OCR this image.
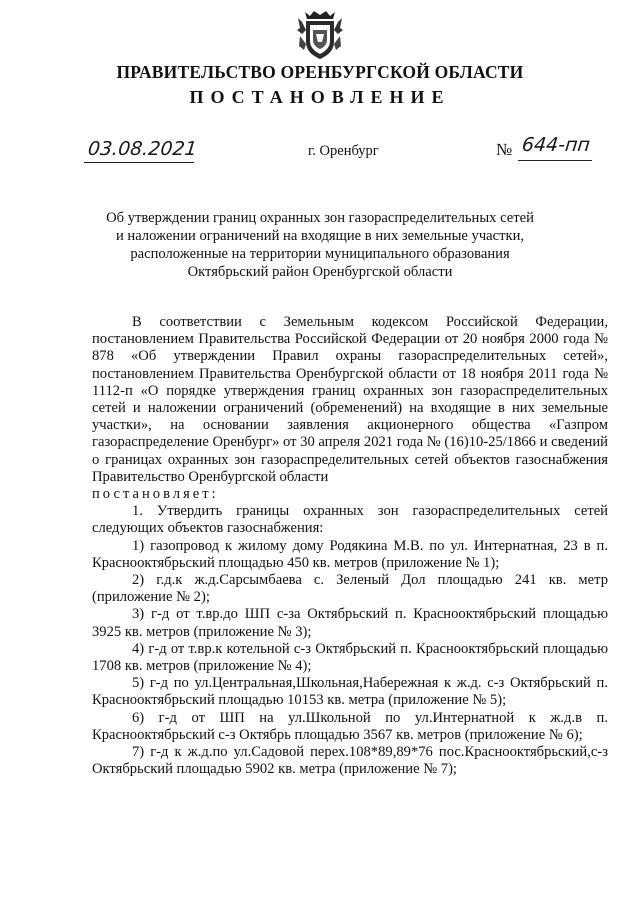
ПРАВИТЕЛЬСТВО ОРЕНБУРГСКОЙ ОБЛАСТИ
ПОСТАНОВЛЕНИЕ
03.08.2021	г. Оренбург	№ 644-пп
Об утверждении границ охранных зон газораспределительных сетей
и наложении ограничений на входящие в них земельные участки,
расположенные на территории муниципального образования
Октябрьский район Оренбургской области

В соответствии с Земельным кодексом Российской Федерации, постановлением Правительства Российской Федерации от 20 ноября 2000 года № 878 «Об утверждении Правил охраны газораспределительных сетей», постановлением Правительства Оренбургской области от 18 ноября 2011 года № 1112-п «О порядке утверждения границ охранных зон газораспределительных сетей и наложении ограничений (обременений) на входящие в них земельные участки», на основании заявления акционерного общества «Газпром газораспределение Оренбург» от 30 апреля 2021 года № (16)10-25/1866 и сведений о границах охранных зон газораспределительных сетей объектов газоснабжения Правительство Оренбургской области

постановляет:

1. Утвердить границы охранных зон газораспределительных сетей следующих объектов газоснабжения:

1) газопровод к жилому дому Родякина М.В. по ул. Интернатная, 23 в п. Краснооктябрьский площадью 450 кв. метров (приложение № 1);

2) г.д.к ж.д.Сарсымбаева с. Зеленый Дол площадью 241 кв. метр (приложение № 2);

3) г-д от т.вр.до ШП с-за Октябрьский п. Краснооктябрьский площадью 3925 кв. метров (приложение № 3);

4) г-д от т.вр.к котельной с-з Октябрьский п. Краснооктябрьский площадью 1708 кв. метров (приложение № 4);

5) г-д по ул.Центральная,Школьная,Набережная к ж.д. с-з Октябрьский п. Краснооктябрьский площадью 10153 кв. метра (приложение № 5);

6) г-д от ШП на ул.Школьной по ул.Интернатной к ж.д.в п. Краснооктябрьский с-з Октябрь площадью 3567 кв. метров (приложение № 6);

7) г-д к ж.д.по ул.Садовой перех.108*89,89*76 пос.Краснооктябрьский,с-з Октябрьский площадью 5902 кв. метра (приложение № 7);
